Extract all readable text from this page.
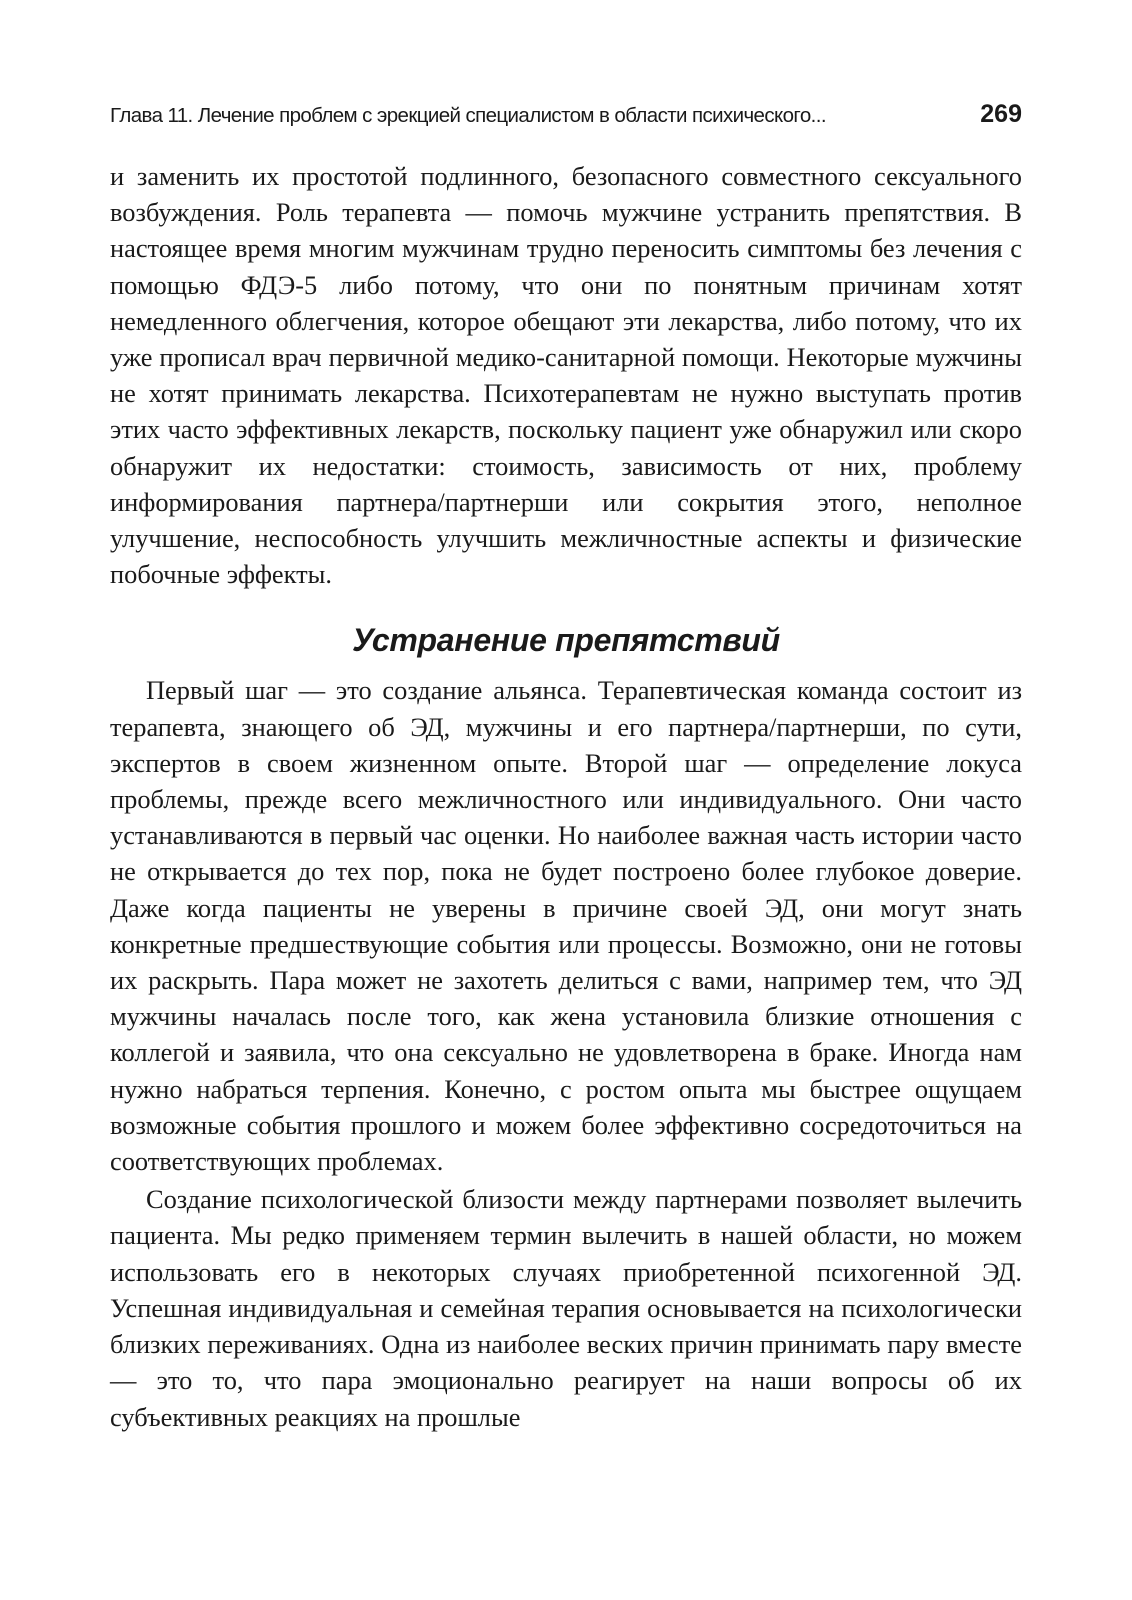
Глава 11. Лечение проблем с эрекцией специалистом в области психического...	269

и заменить их простотой подлинного, безопасного совместного сексуального возбуждения. Роль терапевта — помочь мужчине устранить препятствия. В настоящее время многим мужчинам трудно переносить симптомы без лечения с помощью ФДЭ-5 либо потому, что они по понятным причинам хотят немедленного облегчения, которое обещают эти лекарства, либо потому, что их уже прописал врач первичной медико-санитарной помощи. Некоторые мужчины не хотят принимать лекарства. Психотерапевтам не нужно выступать против этих часто эффективных лекарств, поскольку пациент уже обнаружил или скоро обнаружит их недостатки: стоимость, зависимость от них, проблему информирования партнера/партнерши или сокрытия этого, неполное улучшение, неспособность улучшить межличностные аспекты и физические побочные эффекты.

Устранение препятствий

Первый шаг — это создание альянса. Терапевтическая команда состоит из терапевта, знающего об ЭД, мужчины и его партнера/партнерши, по сути, экспертов в своем жизненном опыте. Второй шаг — определение локуса проблемы, прежде всего межличностного или индивидуального. Они часто устанавливаются в первый час оценки. Но наиболее важная часть истории часто не открывается до тех пор, пока не будет построено более глубокое доверие. Даже когда пациенты не уверены в причине своей ЭД, они могут знать конкретные предшествующие события или процессы. Возможно, они не готовы их раскрыть. Пара может не захотеть делиться с вами, например тем, что ЭД мужчины началась после того, как жена установила близкие отношения с коллегой и заявила, что она сексуально не удовлетворена в браке. Иногда нам нужно набраться терпения. Конечно, с ростом опыта мы быстрее ощущаем возможные события прошлого и можем более эффективно сосредоточиться на соответствующих проблемах.

Создание психологической близости между партнерами позволяет вылечить пациента. Мы редко применяем термин вылечить в нашей области, но можем использовать его в некоторых случаях приобретенной психогенной ЭД. Успешная индивидуальная и семейная терапия основывается на психологически близких переживаниях. Одна из наиболее веских причин принимать пару вместе — это то, что пара эмоционально реагирует на наши вопросы об их субъективных реакциях на прошлые
